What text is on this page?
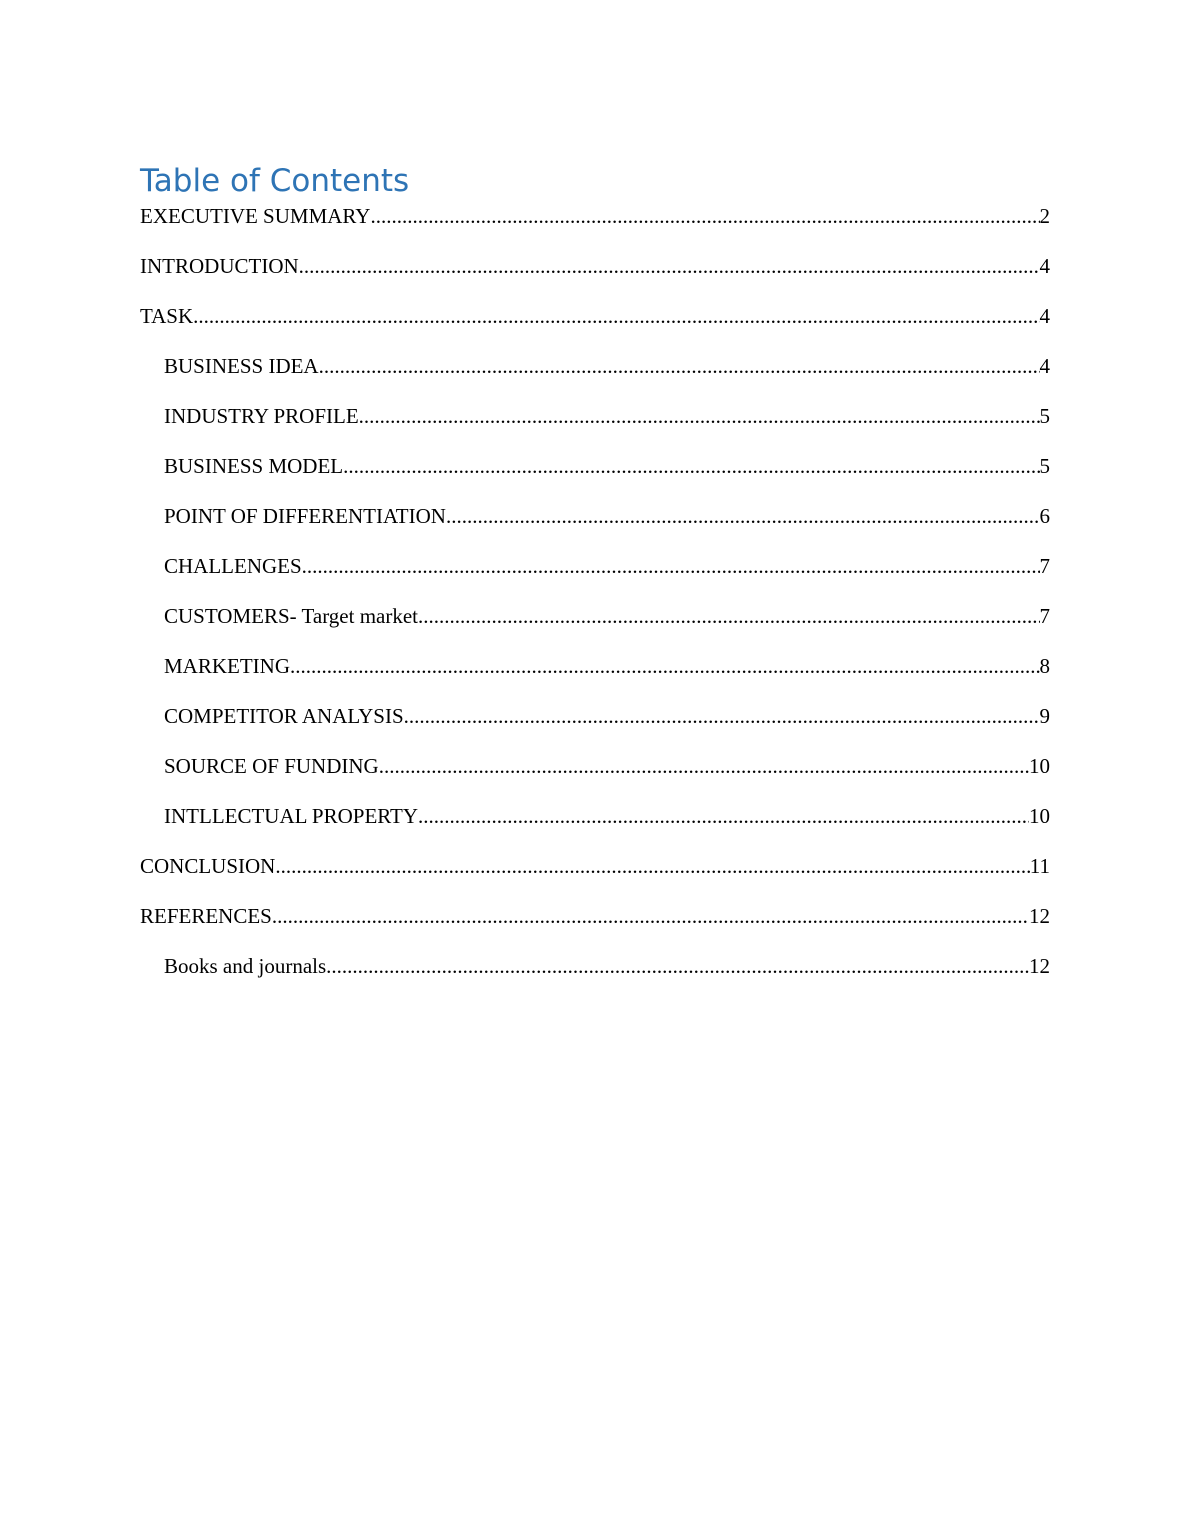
Table of Contents
EXECUTIVE SUMMARY .....	2
INTRODUCTION .....	4
TASK .....	4
BUSINESS IDEA .....	4
INDUSTRY PROFILE .....	5
BUSINESS MODEL .....	5
POINT OF DIFFERENTIATION .....	6
CHALLENGES .....	7
CUSTOMERS- Target market .....	7
MARKETING .....	8
COMPETITOR ANALYSIS .....	9
SOURCE OF FUNDING .....	10
INTLLECTUAL PROPERTY .....	10
CONCLUSION .....	11
REFERENCES .....	12
Books and journals .....	12
